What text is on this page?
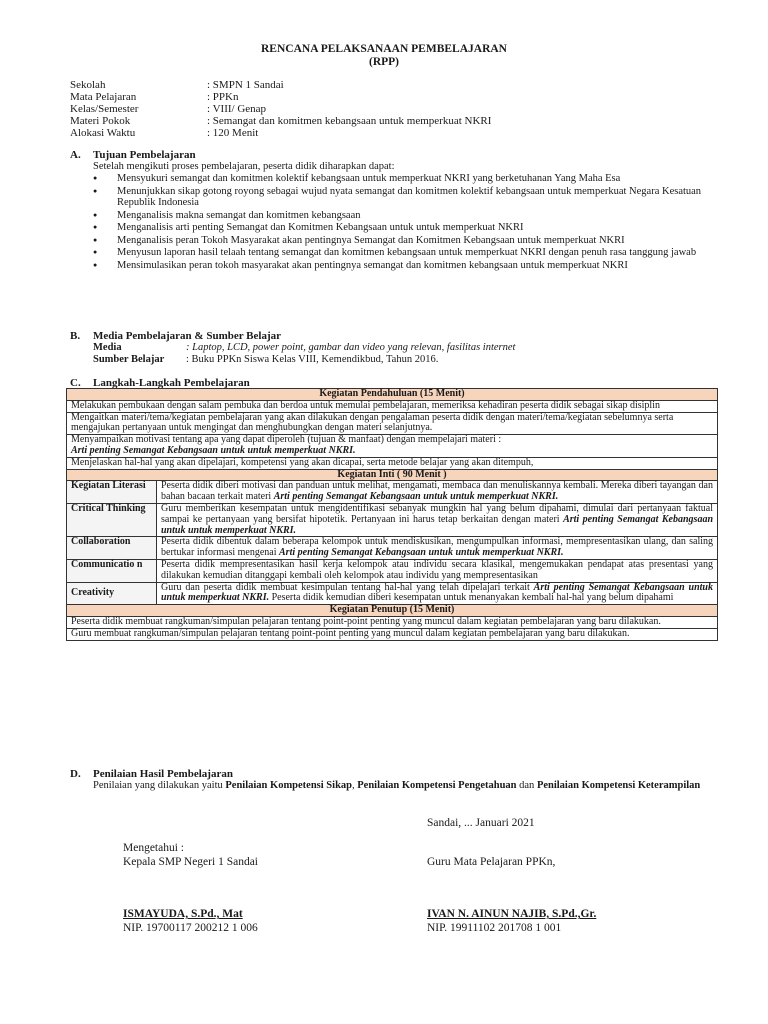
RENCANA PELAKSANAAN PEMBELAJARAN
(RPP)
Sekolah	: SMPN 1 Sandai
Mata Pelajaran	: PPKn
Kelas/Semester	: VIII/ Genap
Materi Pokok	: Semangat dan komitmen kebangsaan untuk memperkuat NKRI
Alokasi Waktu	: 120 Menit
A. Tujuan Pembelajaran
Setelah mengikuti proses pembelajaran, peserta didik diharapkan dapat:
● Mensyukuri semangat dan komitmen kolektif kebangsaan untuk memperkuat NKRI yang berketuhanan Yang Maha Esa
● Menunjukkan sikap gotong royong sebagai wujud nyata semangat dan komitmen kolektif kebangsaan untuk memperkuat Negara Kesatuan Republik Indonesia
● Menganalisis makna semangat dan komitmen kebangsaan
● Menganalisis arti penting Semangat dan Komitmen Kebangsaan untuk untuk memperkuat NKRI
● Menganalisis peran Tokoh Masyarakat akan pentingnya Semangat dan Komitmen Kebangsaan untuk memperkuat NKRI
● Menyusun laporan hasil telaah tentang semangat dan komitmen kebangsaan untuk memperkuat NKRI dengan penuh rasa tanggung jawab
● Mensimulasikan peran tokoh masyarakat akan pentingnya semangat dan komitmen kebangsaan untuk memperkuat NKRI
B. Media Pembelajaran & Sumber Belajar
Media	: Laptop, LCD, power point, gambar dan video yang relevan, fasilitas internet
Sumber Belajar : Buku PPKn Siswa Kelas VIII, Kemendikbud, Tahun 2016.
C. Langkah-Langkah Pembelajaran
Kegiatan Pendahuluan (15 Menit)	
Melakukan pembukaan dengan salam pembuka dan berdoa untuk memulai pembelajaran, memeriksa kehadiran peserta didik sebagai sikap disiplin	
Mengaitkan materi/tema/kegiatan pembelajaran yang akan dilakukan dengan pengalaman peserta didik dengan materi/tema/kegiatan sebelumnya serta mengajukan pertanyaan untuk mengingat dan menghubungkan dengan materi selanjutnya.	
Menyampaikan motivasi tentang apa yang dapat diperoleh (tujuan & manfaat) dengan mempelajari materi :
Arti penting Semangat Kebangsaan untuk untuk memperkuat NKRI.	
Menjelaskan hal-hal yang akan dipelajari, kompetensi yang akan dicapai, serta metode belajar yang akan ditempuh,	
Kegiatan Inti ( 90 Menit )	
Kegiatan Literasi	Peserta didik diberi motivasi dan panduan untuk melihat, mengamati, membaca dan menuliskannya kembali. Mereka diberi tayangan dan bahan bacaan terkait materi Arti penting Semangat Kebangsaan untuk untuk memperkuat NKRI.
Critical Thinking	Guru memberikan kesempatan untuk mengidentifikasi sebanyak mungkin hal yang belum dipahami, dimulai dari pertanyaan faktual sampai ke pertanyaan yang bersifat hipotetik. Pertanyaan ini harus tetap berkaitan dengan materi Arti penting Semangat Kebangsaan untuk untuk memperkuat NKRI.
Collaboration	Peserta didik dibentuk dalam beberapa kelompok untuk mendiskusikan, mengumpulkan informasi, mempresentasikan ulang, dan saling bertukar informasi mengenai Arti penting Semangat Kebangsaan untuk untuk memperkuat NKRI.
Communicatio n	Peserta didik mempresentasikan hasil kerja kelompok atau individu secara klasikal, mengemukakan pendapat atas presentasi yang dilakukan kemudian ditanggapi kembali oleh kelompok atau individu yang mempresentasikan
Creativity	Guru dan peserta didik membuat kesimpulan tentang hal-hal yang telah dipelajari terkait Arti penting Semangat Kebangsaan untuk untuk memperkuat NKRI. Peserta didik kemudian diberi kesempatan untuk menanyakan kembali hal-hal yang belum dipahami
Kegiatan Penutup (15 Menit)	
Peserta didik membuat rangkuman/simpulan pelajaran tentang point-point penting yang muncul dalam kegiatan pembelajaran yang baru dilakukan.	
Guru membuat rangkuman/simpulan pelajaran tentang point-point penting yang muncul dalam kegiatan pembelajaran yang baru dilakukan.	
D. Penilaian Hasil Pembelajaran
Penilaian yang dilakukan yaitu Penilaian Kompetensi Sikap, Penilaian Kompetensi Pengetahuan dan Penilaian Kompetensi Keterampilan
Sandai, ... Januari 2021
Mengetahui :
Kepala SMP Negeri 1 Sandai	Guru Mata Pelajaran PPKn,
ISMAYUDA, S.Pd., Mat
NIP. 19700117 200212 1 006
IVAN N. AINUN NAJIB, S.Pd.,Gr.
NIP. 19911102 201708 1 001
